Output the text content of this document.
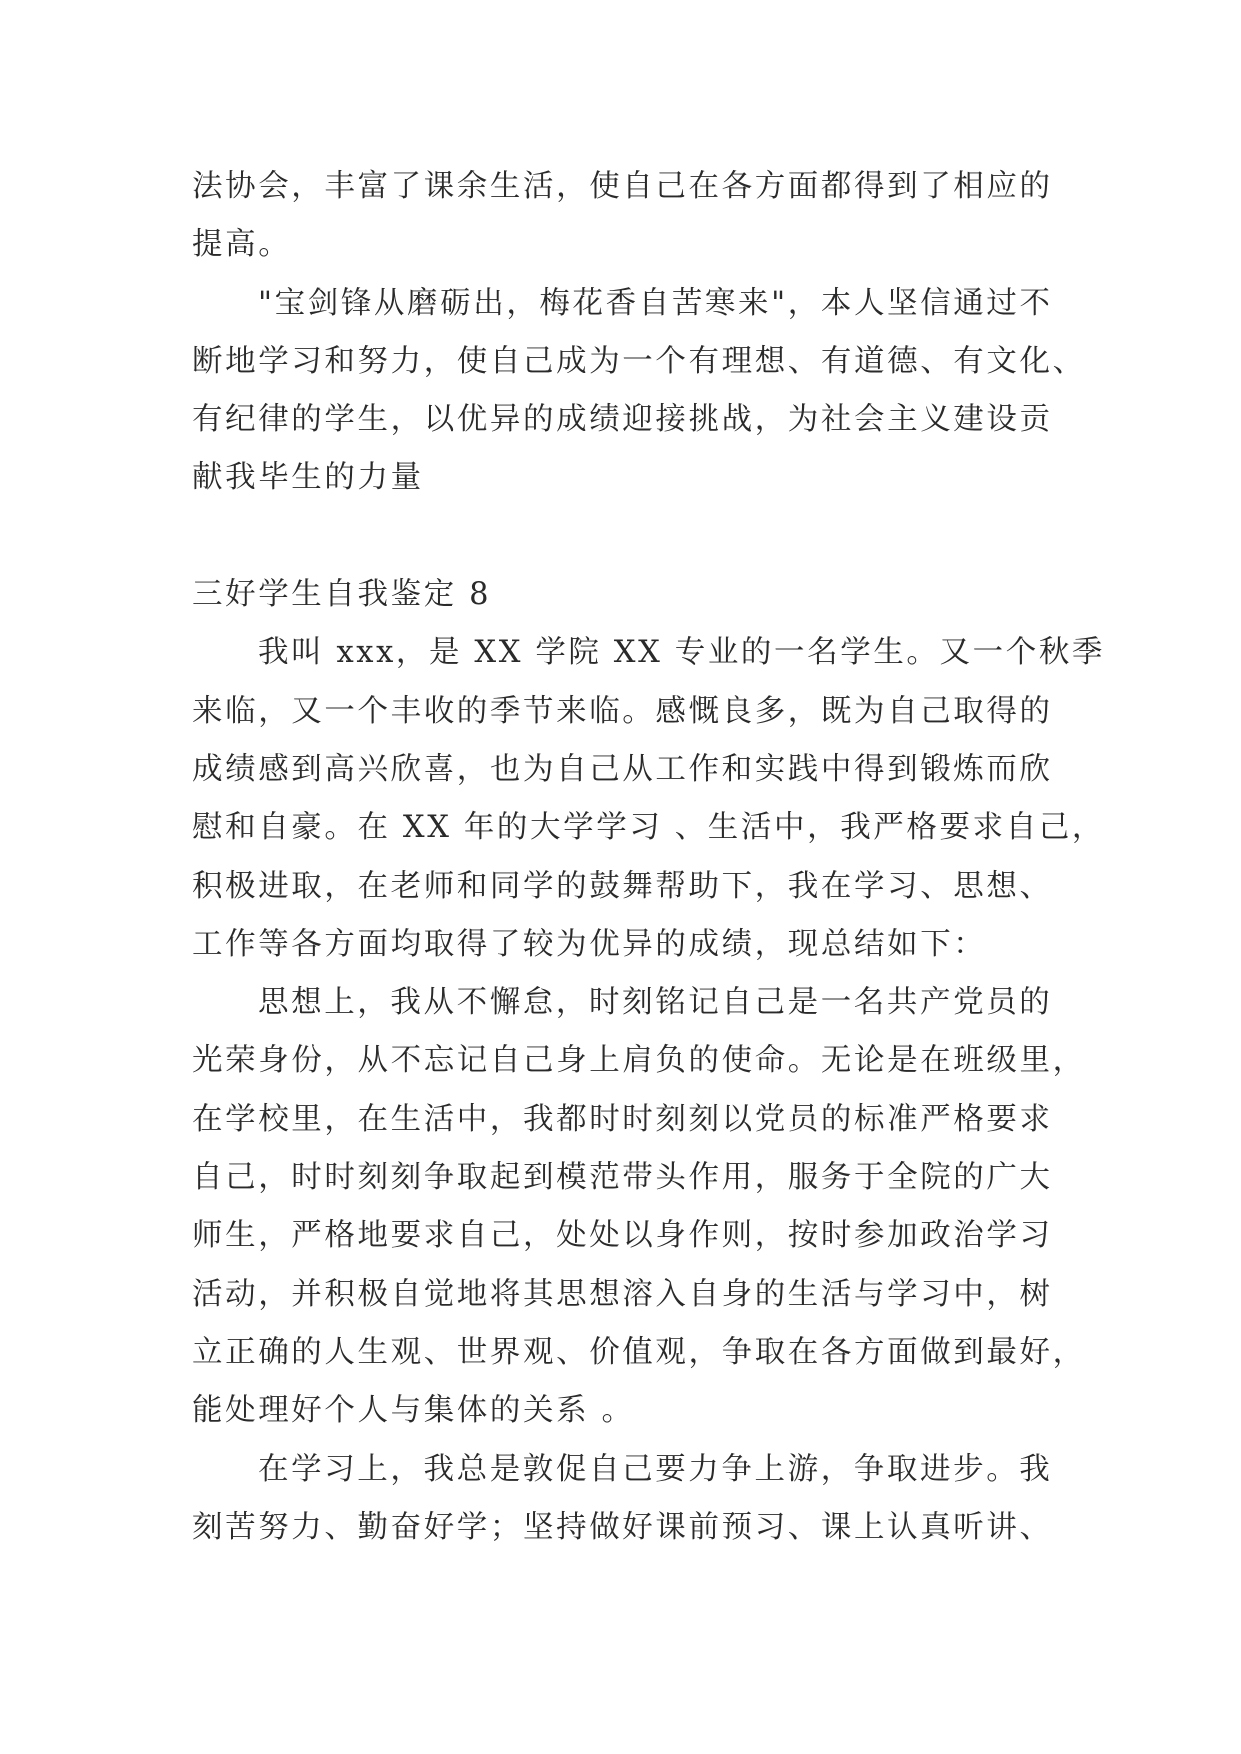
法协会，丰富了课余生活，使自己在各方面都得到了相应的
提高。
"宝剑锋从磨砺出，梅花香自苦寒来"，本人坚信通过不
断地学习和努力，使自己成为一个有理想、有道德、有文化、
有纪律的学生，以优异的成绩迎接挑战，为社会主义建设贡
献我毕生的力量
三好学生自我鉴定 8
我叫 xxx，是 XX 学院 XX 专业的一名学生。又一个秋季
来临，又一个丰收的季节来临。感慨良多，既为自己取得的
成绩感到高兴欣喜，也为自己从工作和实践中得到锻炼而欣
慰和自豪。在 XX 年的大学学习 、生活中，我严格要求自己，
积极进取，在老师和同学的鼓舞帮助下，我在学习、思想、
工作等各方面均取得了较为优异的成绩，现总结如下：
思想上，我从不懈怠，时刻铭记自己是一名共产党员的
光荣身份，从不忘记自己身上肩负的使命。无论是在班级里，
在学校里，在生活中，我都时时刻刻以党员的标准严格要求
自己，时时刻刻争取起到模范带头作用，服务于全院的广大
师生，严格地要求自己，处处以身作则，按时参加政治学习
活动，并积极自觉地将其思想溶入自身的生活与学习中，树
立正确的人生观、世界观、价值观，争取在各方面做到最好，
能处理好个人与集体的关系 。
在学习上，我总是敦促自己要力争上游，争取进步。我
刻苦努力、勤奋好学；坚持做好课前预习、课上认真听讲、
